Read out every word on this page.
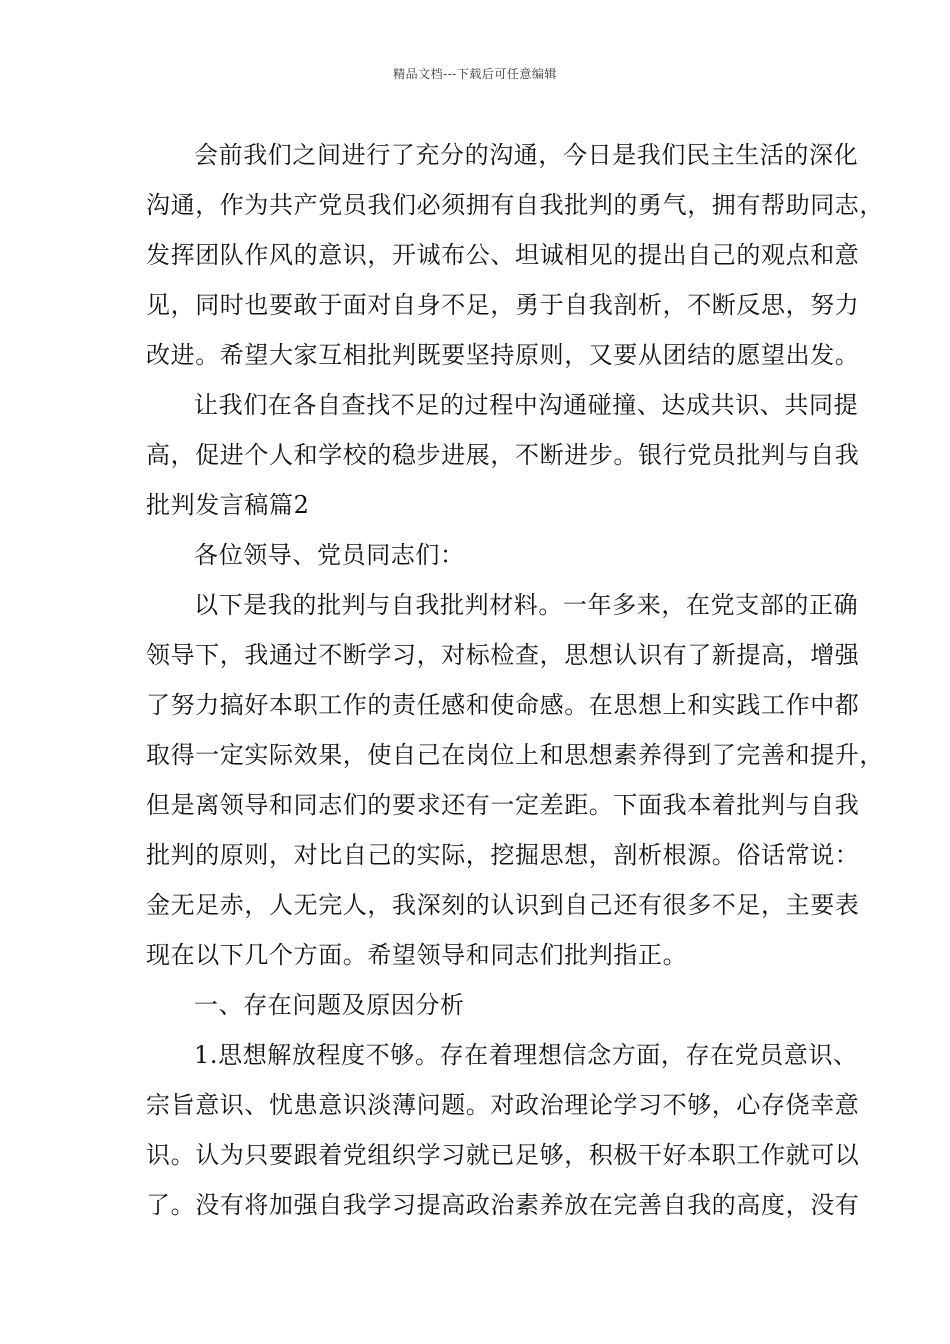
精品文档---下载后可任意编辑
会前我们之间进行了充分的沟通，今日是我们民主生活的深化
沟通，作为共产党员我们必须拥有自我批判的勇气，拥有帮助同志，
发挥团队作风的意识，开诚布公、坦诚相见的提出自己的观点和意
见，同时也要敢于面对自身不足，勇于自我剖析，不断反思，努力
改进。希望大家互相批判既要坚持原则，又要从团结的愿望出发。
让我们在各自查找不足的过程中沟通碰撞、达成共识、共同提
高，促进个人和学校的稳步进展，不断进步。银行党员批判与自我
批判发言稿篇2
各位领导、党员同志们：
以下是我的批判与自我批判材料。一年多来，在党支部的正确
领导下，我通过不断学习，对标检查，思想认识有了新提高，增强
了努力搞好本职工作的责任感和使命感。在思想上和实践工作中都
取得一定实际效果，使自己在岗位上和思想素养得到了完善和提升，
但是离领导和同志们的要求还有一定差距。下面我本着批判与自我
批判的原则，对比自己的实际，挖掘思想，剖析根源。俗话常说：
金无足赤，人无完人，我深刻的认识到自己还有很多不足，主要表
现在以下几个方面。希望领导和同志们批判指正。
一、存在问题及原因分析
1.思想解放程度不够。存在着理想信念方面，存在党员意识、
宗旨意识、忧患意识淡薄问题。对政治理论学习不够，心存侥幸意
识。认为只要跟着党组织学习就已足够，积极干好本职工作就可以
了。没有将加强自我学习提高政治素养放在完善自我的高度，没有
